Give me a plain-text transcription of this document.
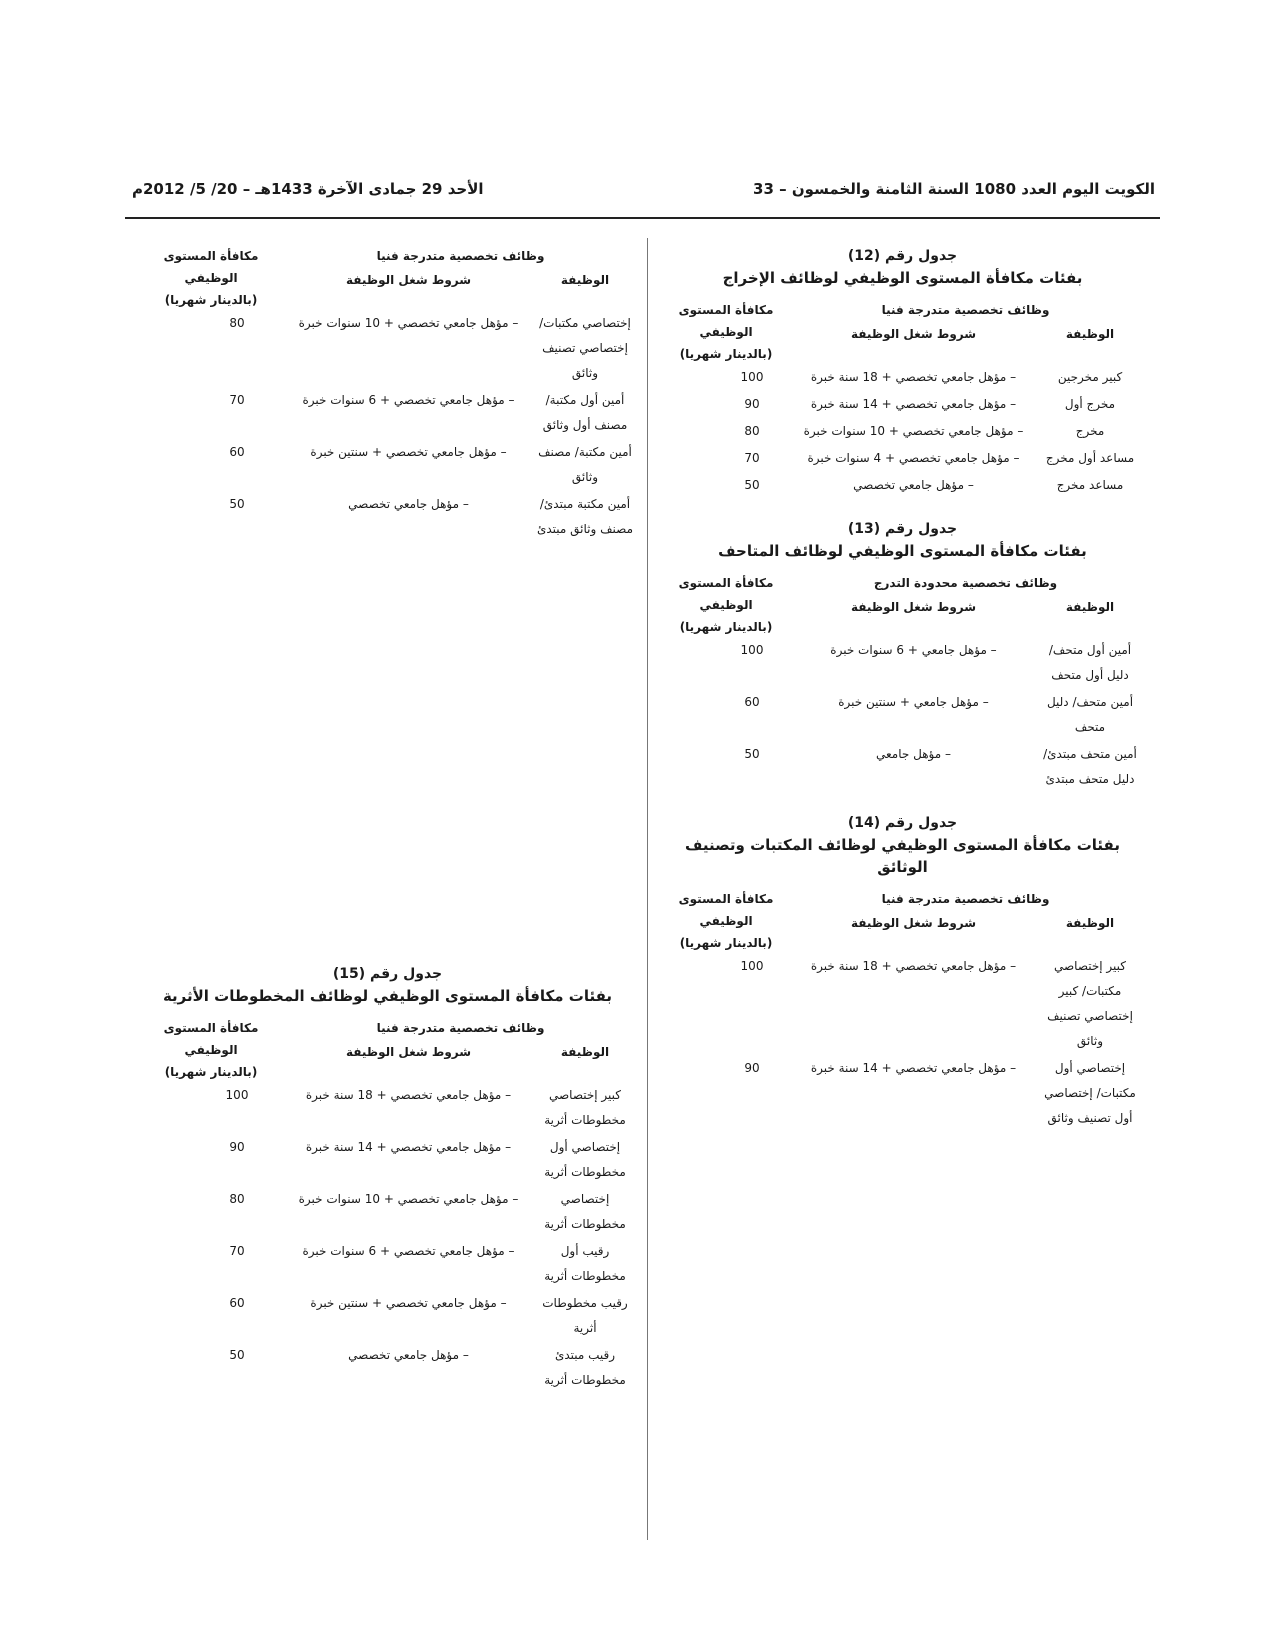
الكويت اليوم العدد 1080 السنة الثامنة والخمسون – 33
الأحد 29 جمادى الآخرة 1433هـ – 20/ 5/ 2012م
جدول رقم (12)
بفئات مكافأة المستوى الوظيفي لوظائف الإخراج
وظائف تخصصية متدرجة فنيا
مكافأة المستوى
الوظيفي
(بالدينار شهريا)
الوظيفة
شروط شغل الوظيفة
كبير مخرجين
– مؤهل جامعي تخصصي + 18 سنة خبرة
100
مخرج أول
– مؤهل جامعي تخصصي + 14 سنة خبرة
90
مخرج
– مؤهل جامعي تخصصي + 10 سنوات خبرة
80
مساعد أول مخرج
– مؤهل جامعي تخصصي + 4 سنوات خبرة
70
مساعد مخرج
– مؤهل جامعي تخصصي
50
جدول رقم (13)
بفئات مكافأة المستوى الوظيفي لوظائف المتاحف
وظائف تخصصية محدودة التدرج
مكافأة المستوى
الوظيفي
(بالدينار شهريا)
الوظيفة
شروط شغل الوظيفة
أمين أول متحف/ دليل أول متحف
– مؤهل جامعي + 6 سنوات خبرة
100
أمين متحف/ دليل متحف
– مؤهل جامعي + سنتين خبرة
60
أمين متحف مبتدئ/ دليل متحف مبتدئ
– مؤهل جامعي
50
جدول رقم (14)
بفئات مكافأة المستوى الوظيفي لوظائف المكتبات وتصنيف الوثائق
وظائف تخصصية متدرجة فنيا
مكافأة المستوى
الوظيفي
(بالدينار شهريا)
الوظيفة
شروط شغل الوظيفة
كبير إختصاصي مكتبات/ كبير إختصاصي تصنيف وثائق
– مؤهل جامعي تخصصي + 18 سنة خبرة
100
إختصاصي أول مكتبات/ إختصاصي أول تصنيف وثائق
– مؤهل جامعي تخصصي + 14 سنة خبرة
90
وظائف تخصصية متدرجة فنيا
مكافأة المستوى
الوظيفي
(بالدينار شهريا)
الوظيفة
شروط شغل الوظيفة
إختصاصي مكتبات/ إختصاصي تصنيف وثائق
– مؤهل جامعي تخصصي + 10 سنوات خبرة
80
أمين أول مكتبة/ مصنف أول وثائق
– مؤهل جامعي تخصصي + 6 سنوات خبرة
70
أمين مكتبة/ مصنف وثائق
– مؤهل جامعي تخصصي + سنتين خبرة
60
أمين مكتبة مبتدئ/ مصنف وثائق مبتدئ
– مؤهل جامعي تخصصي
50
جدول رقم (15)
بفئات مكافأة المستوى الوظيفي لوظائف المخطوطات الأثرية
وظائف تخصصية متدرجة فنيا
مكافأة المستوى
الوظيفي
(بالدينار شهريا)
الوظيفة
شروط شغل الوظيفة
كبير إختصاصي مخطوطات أثرية
– مؤهل جامعي تخصصي + 18 سنة خبرة
100
إختصاصي أول مخطوطات أثرية
– مؤهل جامعي تخصصي + 14 سنة خبرة
90
إختصاصي مخطوطات أثرية
– مؤهل جامعي تخصصي + 10 سنوات خبرة
80
رقيب أول مخطوطات أثرية
– مؤهل جامعي تخصصي + 6 سنوات خبرة
70
رقيب مخطوطات أثرية
– مؤهل جامعي تخصصي + سنتين خبرة
60
رقيب مبتدئ مخطوطات أثرية
– مؤهل جامعي تخصصي
50
